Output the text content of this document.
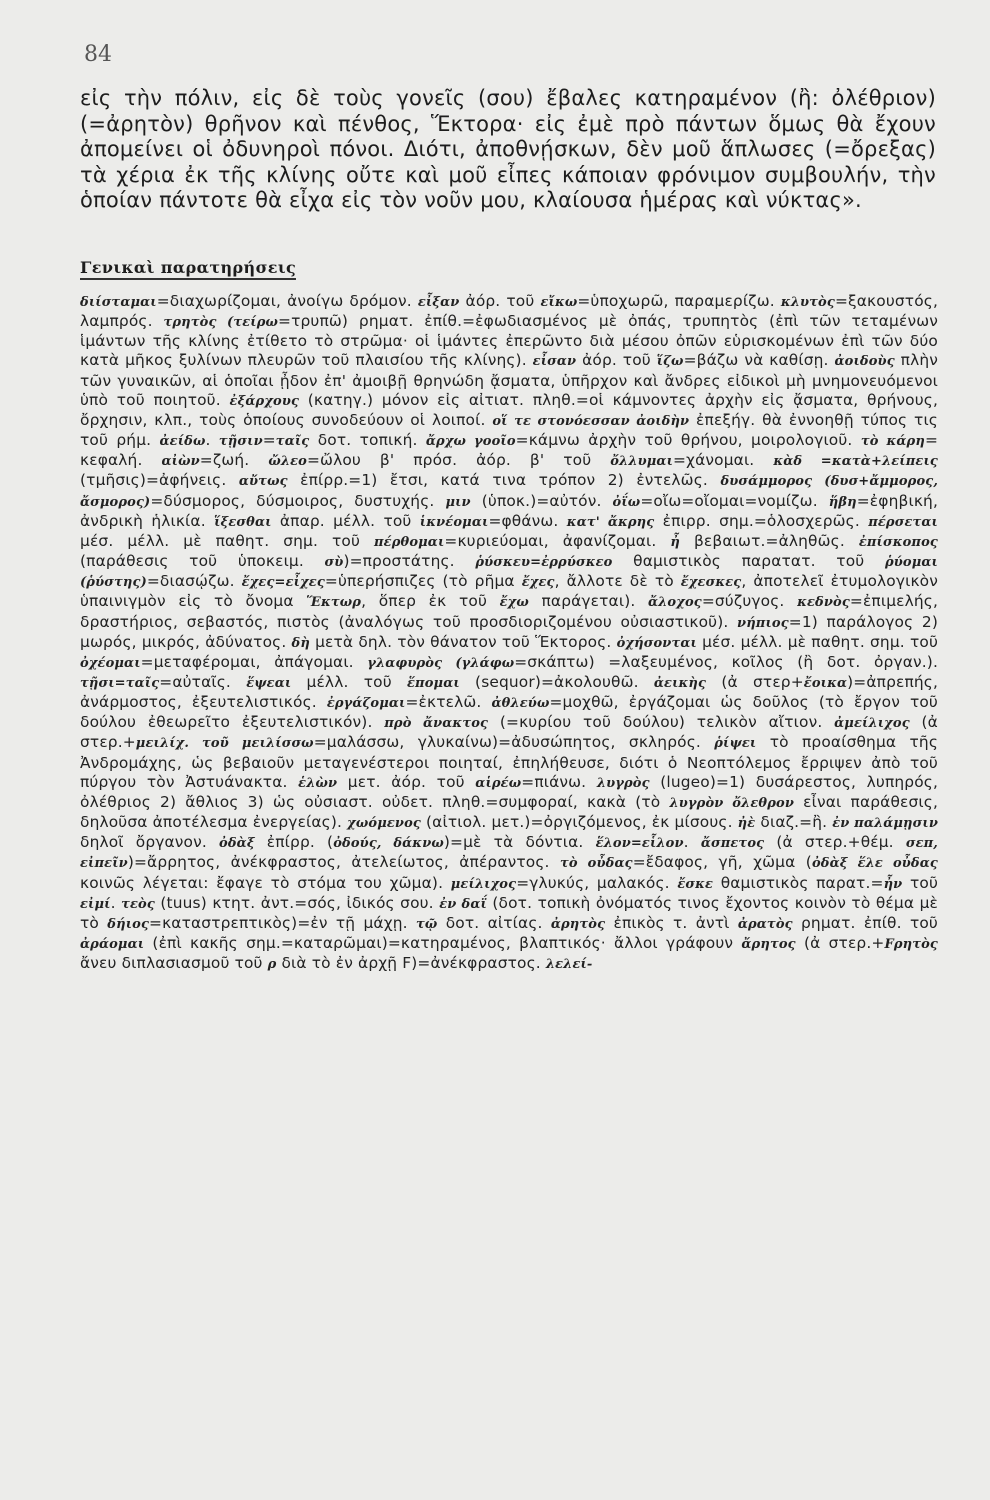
84
εἰς τὴν πόλιν, εἰς δὲ τοὺς γονεῖς (σου) ἔβαλες κατηραμένον (ἢ: ὀλέθριον) (=ἀρητὸν) θρῆνον καὶ πένθος, Ἕκτορα· εἰς ἐμὲ πρὸ πάντων ὅμως θὰ ἔχουν ἀπομείνει οἱ ὀδυνηροὶ πόνοι. Διότι, ἀποθνῄσκων, δὲν μοῦ ἅπλωσες (=ὄρεξας) τὰ χέρια ἐκ τῆς κλίνης οὔτε καὶ μοῦ εἶπες κάποιαν φρόνιμον συμβουλήν, τὴν ὁποίαν πάντοτε θὰ εἶχα εἰς τὸν νοῦν μου, κλαίουσα ἡμέρας καὶ νύκτας».
Γενικαὶ παρατηρήσεις

διίσταμαι=διαχωρίζομαι, ἀνοίγω δρόμον. εἶξαν ἀόρ. τοῦ εἴκω=ὑποχωρῶ, παραμερίζω. κλυτὸς=ξακουστός, λαμπρός. τρητὸς (τείρω=τρυπῶ) ρηματ. ἐπίθ.=ἐφωδιασμένος μὲ ὀπάς, τρυπητὸς (ἐπὶ τῶν τεταμένων ἱμάντων τῆς κλίνης ἐτίθετο τὸ στρῶμα· οἱ ἱμάντες ἐπερῶντο διὰ μέσου ὀπῶν εὑρισκομένων ἐπὶ τῶν δύο κατὰ μῆκος ξυλίνων πλευρῶν τοῦ πλαισίου τῆς κλίνης). εἶσαν ἀόρ. τοῦ ἵζω=βάζω νὰ καθίσῃ. ἀοιδοὺς πλὴν τῶν γυναικῶν, αἱ ὁποῖαι ᾖδον ἐπ' ἀμοιβῇ θρηνώδη ᾄσματα, ὑπῆρχον καὶ ἄνδρες εἰδικοὶ μὴ μνημονευόμενοι ὑπὸ τοῦ ποιητοῦ. ἐξάρχους (κατηγ.) μόνον εἰς αἰτιατ. πληθ.=οἱ κάμνοντες ἀρχὴν εἰς ᾄσματα, θρήνους, ὄρχησιν, κλπ., τοὺς ὁποίους συνοδεύουν οἱ λοιποί. οἵ τε στονόεσσαν ἀοιδὴν ἐπεξήγ. θὰ ἐννοηθῇ τύπος τις τοῦ ρήμ. ἀείδω. τῇσιν=ταῖς δοτ. τοπική. ἄρχω γοοῖο=κάμνω ἀρχὴν τοῦ θρήνου, μοιρολογιοῦ. τὸ κάρη= κεφαλή. αἰὼν=ζωή. ὤλεο=ὤλου β' πρόσ. ἀόρ. β' τοῦ ὄλλυμαι=χάνομαι. κὰδ =κατὰ+λείπεις (τμῆσις)=ἀφήνεις. αὔτως ἐπίρρ.=1) ἔτσι, κατά τινα τρόπον 2) ἐντελῶς. δυσάμμορος (δυσ+ἄμμορος, ἄσμορος)=δύσμορος, δύσμοιρος, δυστυχής. μιν (ὑποκ.)=αὐτόν. ὀΐω=οἴω=οἴομαι=νομίζω. ἥβη=ἐφηβική, ἀνδρικὴ ἡλικία. ἵξεσθαι ἀπαρ. μέλλ. τοῦ ἱκνέομαι=φθάνω. κατ' ἄκρης ἐπιρρ. σημ.=ὁλοσχερῶς. πέρσεται μέσ. μέλλ. μὲ παθητ. σημ. τοῦ πέρθομαι=κυριεύομαι, ἀφανίζομαι. ἦ βεβαιωτ.=ἀληθῶς. ἐπίσκοπος (παράθεσις τοῦ ὑποκειμ. σὺ)=προστάτης. ῥύσκευ=ἐρρύσκεο θαμιστικὸς παρατατ. τοῦ ῥύομαι (ῥύστης)=διασῴζω. ἔχες=εἶχες=ὑπερήσπιζες (τὸ ρῆμα ἔχες, ἄλλοτε δὲ τὸ ἔχεσκες, ἀποτελεῖ ἐτυμολογικὸν ὑπαινιγμὸν εἰς τὸ ὄνομα Ἕκτωρ, ὅπερ ἐκ τοῦ ἔχω παράγεται). ἄλοχος=σύζυγος. κεδνὸς=ἐπιμελής, δραστήριος, σεβαστός, πιστὸς (ἀναλόγως τοῦ προσδιοριζομένου οὐσιαστικοῦ). νήπιος=1) παράλογος 2) μωρός, μικρός, ἀδύνατος. δὴ μετὰ δηλ. τὸν θάνατον τοῦ Ἕκτορος. ὀχήσονται μέσ. μέλλ. μὲ παθητ. σημ. τοῦ ὀχέομαι=μεταφέρομαι, ἀπάγομαι. γλαφυρὸς (γλάφω=σκάπτω) =λαξευμένος, κοῖλος (ἢ δοτ. ὀργαν.). τῇσι=ταῖς=αὐταῖς. ἕψεαι μέλλ. τοῦ ἕπομαι (sequor)=ἀκολουθῶ. ἀεικὴς (ἀ στερ+ἔοικα)=ἀπρεπής, ἀνάρμοστος, ἐξευτελιστικός. ἐργάζομαι=ἐκτελῶ. ἀθλεύω=μοχθῶ, ἐργάζομαι ὡς δοῦλος (τὸ ἔργον τοῦ δούλου ἐθεωρεῖτο ἐξευτελιστικόν). πρὸ ἄνακτος (=κυρίου τοῦ δούλου) τελικὸν αἴτιον. ἀμείλιχος (ἀ στερ.+μειλίχ. τοῦ μειλίσσω=μαλάσσω, γλυκαίνω)=ἀδυσώπητος, σκληρός. ῥίψει τὸ προαίσθημα τῆς Ἀνδρομάχης, ὡς βεβαιοῦν μεταγενέστεροι ποιηταί, ἐπηλήθευσε, διότι ὁ Νεοπτόλεμος ἔρριψεν ἀπὸ τοῦ πύργου τὸν Ἀστυάνακτα. ἑλὼν μετ. ἀόρ. τοῦ αἱρέω=πιάνω. λυγρὸς (lugeo)=1) δυσάρεστος, λυπηρός, ὀλέθριος 2) ἄθλιος 3) ὡς οὐσιαστ. οὐδετ. πληθ.=συμφοραί, κακὰ (τὸ λυγρὸν ὄλεθρον εἶναι παράθεσις, δηλοῦσα ἀποτέλεσμα ἐνεργείας). χωόμενος (αἰτιολ. μετ.)=ὀργιζόμενος, ἐκ μίσους. ἠὲ διαζ.=ἢ. ἐν παλάμῃσιν δηλοῖ ὄργανον. ὀδὰξ ἐπίρρ. (ὀδούς, δάκνω)=μὲ τὰ δόντια. ἕλον=εἷλον. ἄσπετος (ἀ στερ.+θέμ. σεπ, εἰπεῖν)=ἄρρητος, ἀνέκφραστος, ἀτελείωτος, ἀπέραντος. τὸ οὖδας=ἔδαφος, γῆ, χῶμα (ὀδὰξ ἕλε οὖδας κοινῶς λέγεται: ἔφαγε τὸ στόμα του χῶμα). μείλιχος=γλυκύς, μαλακός. ἔσκε θαμιστικὸς παρατ.=ἦν τοῦ εἰμί. τεὸς (tuus) κτητ. ἀντ.=σός, ἰδικός σου. ἐν δαΐ (δοτ. τοπικὴ ὀνόματός τινος ἔχοντος κοινὸν τὸ θέμα μὲ τὸ δήιος=καταστρεπτικὸς)=ἐν τῇ μάχῃ. τῷ δοτ. αἰτίας. ἀρητὸς ἐπικὸς τ. ἀντὶ ἀρατὸς ρηματ. ἐπίθ. τοῦ ἀράομαι (ἐπὶ κακῆς σημ.=καταρῶμαι)=κατηραμένος, βλαπτικός· ἄλλοι γράφουν ἄρητος (ἀ στερ.+Fρητὸς ἄνευ διπλασιασμοῦ τοῦ ρ διὰ τὸ ἐν ἀρχῇ F)=ἀνέκφραστος. λελεί-
